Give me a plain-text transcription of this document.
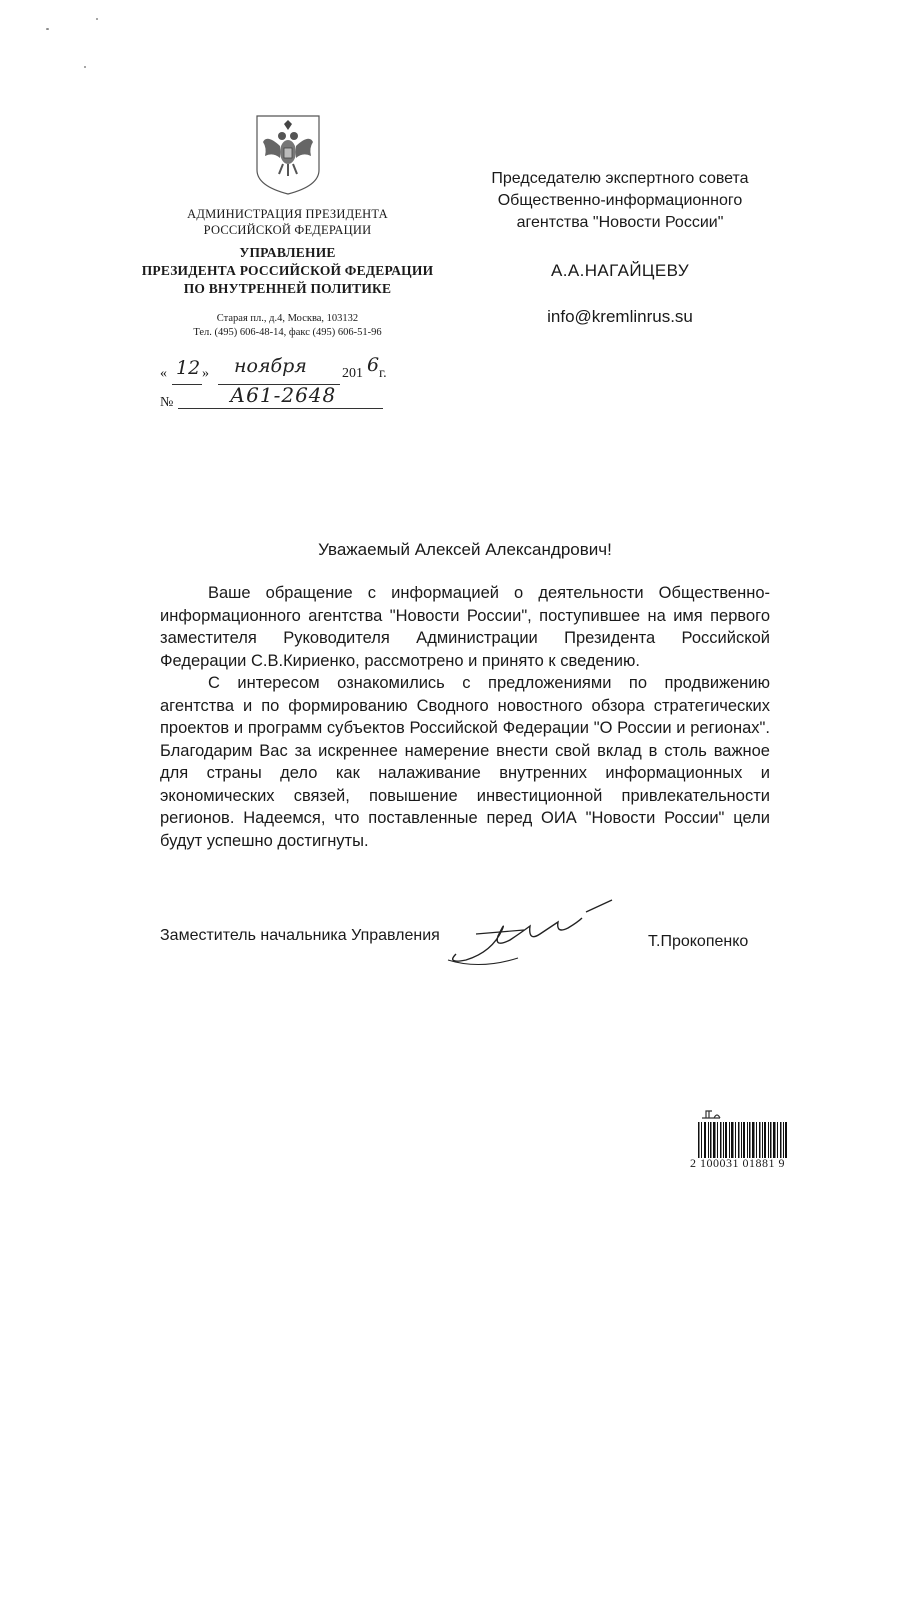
АДМИНИСТРАЦИЯ ПРЕЗИДЕНТА
РОССИЙСКОЙ ФЕДЕРАЦИИ
УПРАВЛЕНИЕ
ПРЕЗИДЕНТА РОССИЙСКОЙ ФЕДЕРАЦИИ
ПО ВНУТРЕННЕЙ ПОЛИТИКЕ
Старая пл., д.4, Москва, 103132
Тел. (495) 606-48-14, факс (495) 606-51-96
« 12 » ноября	201 6 г.
№	А61-2648
Председателю экспертного совета
Общественно-информационного
агентства "Новости России"
А.А.НАГАЙЦЕВУ
info@kremlinrus.su
Уважаемый Алексей Александрович!

Ваше обращение с информацией о деятельности Общественно-информационного агентства "Новости России", поступившее на имя первого заместителя Руководителя Администрации Президента Российской Федерации С.В.Кириенко, рассмотрено и принято к сведению.

С интересом ознакомились с предложениями по продвижению агентства и по формированию Сводного новостного обзора стратегических проектов и программ субъектов Российской Федерации "О России и регионах". Благодарим Вас за искреннее намерение внести свой вклад в столь важное для страны дело как налаживание внутренних информационных и экономических связей, повышение инвестиционной привлекательности регионов. Надеемся, что поставленные перед ОИА "Новости России" цели будут успешно достигнуты.

Заместитель начальника Управления	Т.Прокопенко
2 100031 01881 9
